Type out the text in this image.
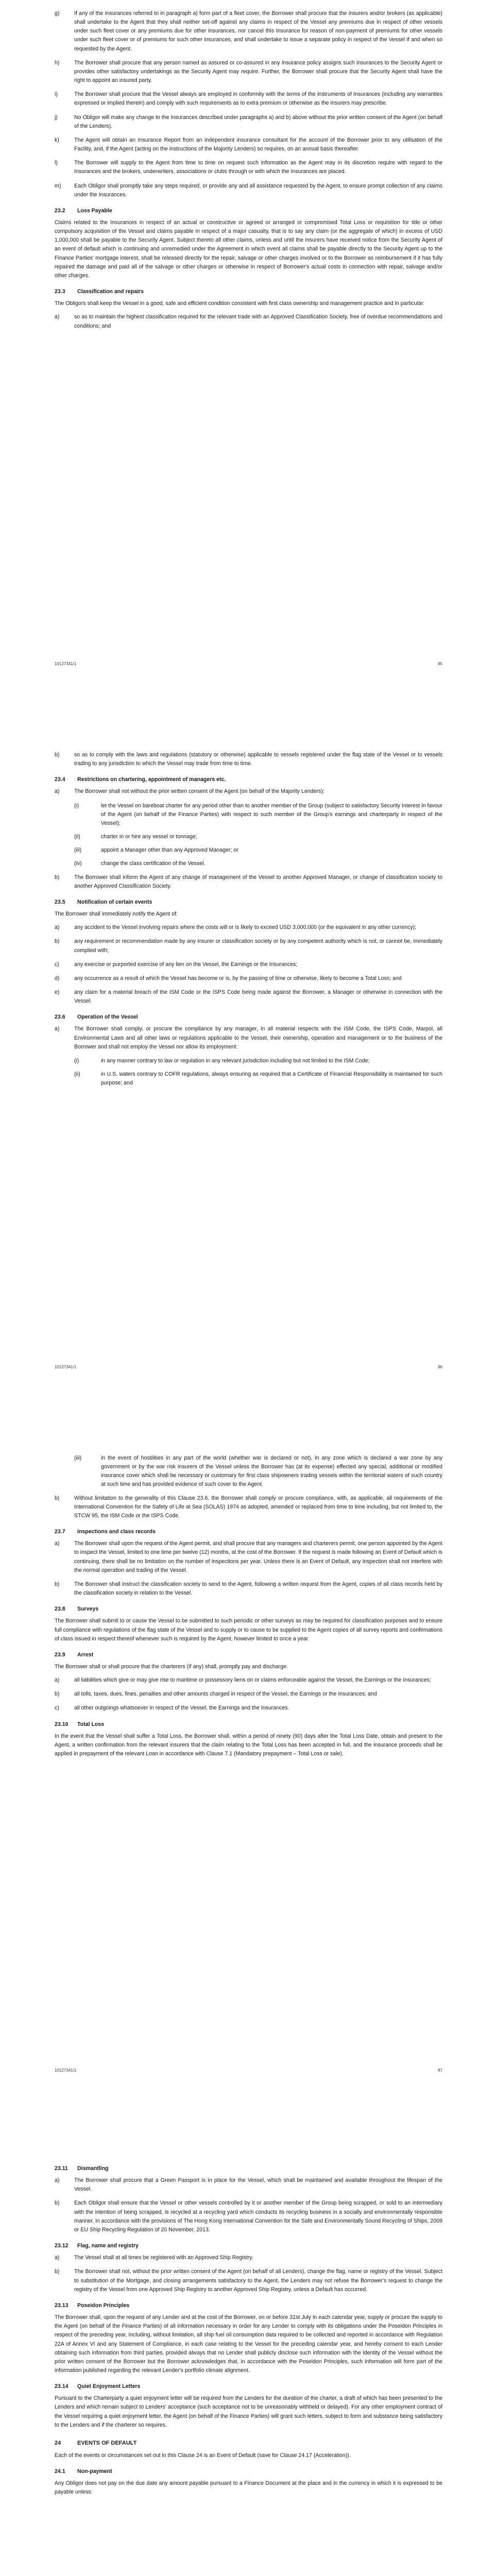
g)	If any of the Insurances referred to in paragraph a) form part of a fleet cover, the Borrower shall procure that the insurers and/or brokers (as applicable) shall undertake to the Agent that they shall neither set-off against any claims in respect of the Vessel any premiums due in respect of other vessels under such fleet cover or any premiums due for other insurances, nor cancel this Insurance for reason of non-payment of premiums for other vessels under such fleet cover or of premiums for such other insurances, and shall undertake to issue a separate policy in respect of the Vessel if and when so requested by the Agent.
h)	The Borrower shall procure that any person named as assured or co-assured in any insurance policy assigns such insurances to the Security Agent or provides other satisfactory undertakings as the Security Agent may require. Further, the Borrower shall procure that the Security Agent shall have the right to appoint an insured party.
i)	The Borrower shall procure that the Vessel always are employed in conformity with the terms of the instruments of Insurances (including any warranties expressed or implied therein) and comply with such requirements as to extra premium or otherwise as the insurers may prescribe.
j)	No Obligor will make any change to the Insurances described under paragraphs a) and b) above without the prior written consent of the Agent (on behalf of the Lenders).
k)	The Agent will obtain an Insurance Report from an independent insurance consultant for the account of the Borrower prior to any utilisation of the Facility, and, if the Agent (acting on the instructions of the Majority Lenders) so requires, on an annual basis thereafter.
l)	The Borrower will supply to the Agent from time to time on request such information as the Agent may in its discretion require with regard to the Insurances and the brokers, underwriters, associations or clubs through or with which the Insurances are placed.
m)	Each Obligor shall promptly take any steps required, or provide any and all assistance requested by the Agent, to ensure prompt collection of any claims under the Insurances.
23.2	Loss Payable

Claims related to the Insurances in respect of an actual or constructive or agreed or arranged or compromised Total Loss or requisition for title or other compulsory acquisition of the Vessel and claims payable in respect of a major casualty, that is to say any claim (or the aggregate of which) in excess of USD 1,000,000 shall be payable to the Security Agent. Subject thereto all other claims, unless and until the insurers have received notice from the Security Agent of an event of default which is continuing and unremedied under the Agreement in which event all claims shall be payable directly to the Security Agent up to the Finance Parties' mortgage interest, shall be released directly for the repair, salvage or other charges involved or to the Borrower as reimbursement if it has fully repaired the damage and paid all of the salvage or other charges or otherwise in respect of Borrower's actual costs in connection with repair, salvage and/or other charges.

23.3	Classification and repairs

The Obligors shall keep the Vessel in a good, safe and efficient condition consistent with first class ownership and management practice and in particular:

a)	so as to maintain the highest classification required for the relevant trade with an Approved Classification Society, free of overdue recommendations and conditions; and
10127341/1	85
b)	so as to comply with the laws and regulations (statutory or otherwise) applicable to vessels registered under the flag state of the Vessel or to vessels trading to any jurisdiction to which the Vessel may trade from time to time.
23.4	Restrictions on chartering, appointment of managers etc.
a)	The Borrower shall not without the prior written consent of the Agent (on behalf of the Majority Lenders):
(i)	let the Vessel on bareboat charter for any period other than to another member of the Group (subject to satisfactory Security Interest in favour of the Agent (on behalf of the Finance Parties) with respect to such member of the Group's earnings and charterparty in respect of the Vessel);
(ii)	charter in or hire any vessel or tonnage;
(iii)	appoint a Manager other than any Approved Manager; or
(iv)	change the class certification of the Vessel.
b)	The Borrower shall inform the Agent of any change of management of the Vessel to another Approved Manager, or change of classification society to another Approved Classification Society.
23.5	Notification of certain events

The Borrower shall immediately notify the Agent of:

a)	any accident to the Vessel involving repairs where the costs will or is likely to exceed USD 3,000,000 (or the equivalent in any other currency);
b)	any requirement or recommendation made by any insurer or classification society or by any competent authority which is not, or cannot be, immediately complied with;
c)	any exercise or purported exercise of any lien on the Vessel, the Earnings or the Insurances;
d)	any occurrence as a result of which the Vessel has become or is, by the passing of time or otherwise, likely to become a Total Loss; and
e)	any claim for a material breach of the ISM Code or the ISPS Code being made against the Borrower, a Manager or otherwise in connection with the Vessel.
23.6	Operation of the Vessel
a)	The Borrower shall comply, or procure the compliance by any manager, in all material respects with the ISM Code, the ISPS Code, Marpol, all Environmental Laws and all other laws or regulations applicable to the Vessel, their ownership, operation and management or to the business of the Borrower and shall not employ the Vessel nor allow its employment:
(i)	in any manner contrary to law or regulation in any relevant jurisdiction including but not limited to the ISM Code;
(ii)	in U.S. waters contrary to COFR regulations, always ensuring as required that a Certificate of Financial Responsibility is maintained for such purpose; and
10127341/1	86
(iii)	in the event of hostilities in any part of the world (whether war is declared or not), in any zone which is declared a war zone by any government or by the war risk insurers of the Vessel unless the Borrower has (at its expense) effected any special, additional or modified insurance cover which shall be necessary or customary for first class shipowners trading vessels within the territorial waters of such country at such time and has provided evidence of such cover to the Agent.
b)	Without limitation to the generality of this Clause 23.6, the Borrower shall comply or procure compliance, with, as applicable, all requirements of the International Convention for the Safety of Life at Sea (SOLAS) 1974 as adopted, amended or replaced from time to time including, but not limited to, the STCW 95, the ISM Code or the ISPS Code.
23.7	Inspections and class records
a)	The Borrower shall upon the request of the Agent permit, and shall procure that any managers and charterers permit, one person appointed by the Agent to inspect the Vessel, limited to one time per twelve (12) months, at the cost of the Borrower. If the request is made following an Event of Default which is continuing, there shall be no limitation on the number of inspections per year. Unless there is an Event of Default, any inspection shall not interfere with the normal operation and trading of the Vessel.
b)	The Borrower shall instruct the classification society to send to the Agent, following a written request from the Agent, copies of all class records held by the classification society in relation to the Vessel.
23.8	Surveys

The Borrower shall submit to or cause the Vessel to be submitted to such periodic or other surveys as may be required for classification purposes and to ensure full compliance with regulations of the flag state of the Vessel and to supply or to cause to be supplied to the Agent copies of all survey reports and confirmations of class issued in respect thereof whenever such is required by the Agent, however limited to once a year.

23.9	Arrest

The Borrower shall or shall procure that the charterers (if any) shall, promptly pay and discharge:

a)	all liabilities which give or may give rise to maritime or possessory liens on or claims enforceable against the Vessel, the Earnings or the Insurances;
b)	all tolls, taxes, dues, fines, penalties and other amounts charged in respect of the Vessel, the Earnings or the Insurances; and
c)	all other outgoings whatsoever in respect of the Vessel, the Earnings and the Insurances.
23.10	Total Loss

In the event that the Vessel shall suffer a Total Loss, the Borrower shall, within a period of ninety (90) days after the Total Loss Date, obtain and present to the Agent, a written confirmation from the relevant insurers that the claim relating to the Total Loss has been accepted in full, and the insurance proceeds shall be applied in prepayment of the relevant Loan in accordance with Clause 7.1 (Mandatory prepayment – Total Loss or sale).

10127341/1	87
23.11	Dismantling
a)	The Borrower shall procure that a Green Passport is in place for the Vessel, which shall be maintained and available throughout the lifespan of the Vessel.
b)	Each Obligor shall ensure that the Vessel or other vessels controlled by it or another member of the Group being scrapped, or sold to an intermediary with the intention of being scrapped, is recycled at a recycling yard which conducts its recycling business in a socially and environmentally responsible manner, in accordance with the provisions of The Hong Kong International Convention for the Safe and Environmentally Sound Recycling of Ships, 2009 or EU Ship Recycling Regulation of 20 November, 2013.
23.12	Flag, name and registry
a)	The Vessel shall at all times be registered with an Approved Ship Registry.
b)	The Borrower shall not, without the prior written consent of the Agent (on behalf of all Lenders), change the flag, name or registry of the Vessel. Subject to substitution of the Mortgage, and closing arrangements satisfactory to the Agent, the Lenders may not refuse the Borrower's request to change the registry of the Vessel from one Approved Ship Registry to another Approved Ship Registry, unless a Default has occurred.
23.13	Poseidon Principles

The Borrower shall, upon the request of any Lender and at the cost of the Borrower, on or before 31st July in each calendar year, supply or procure the supply to the Agent (on behalf of the Finance Parties) of all information necessary in order for any Lender to comply with its obligations under the Poseidon Principles in respect of the preceding year, including, without limitation, all ship fuel oil consumption data required to be collected and reported in accordance with Regulation 22A of Annex VI and any Statement of Compliance, in each case relating to the Vessel for the preceding calendar year, and hereby consent to each Lender obtaining such information from third parties, provided always that no Lender shall publicly disclose such information with the identity of the Vessel without the prior written consent of the Borrower but the Borrower acknowledges that, in accordance with the Poseidon Principles, such information will form part of the information published regarding the relevant Lender's portfolio climate alignment.

23.14	Quiet Enjoyment Letters

Pursuant to the Charterparty a quiet enjoyment letter will be required from the Lenders for the duration of the charter, a draft of which has been presented to the Lenders and which remain subject to Lenders' acceptance (such acceptance not to be unreasonably withheld or delayed). For any other employment contract of the Vessel requiring a quiet enjoyment letter, the Agent (on behalf of the Finance Parties) will grant such letters, subject to form and substance being satisfactory to the Lenders and if the charterer so requires.

24	EVENTS OF DEFAULT

Each of the events or circumstances set out in this Clause 24 is an Event of Default (save for Clause 24.17 (Acceleration)).

24.1	Non-payment

Any Obligor does not pay on the due date any amount payable pursuant to a Finance Document at the place and in the currency in which it is expressed to be payable unless:
